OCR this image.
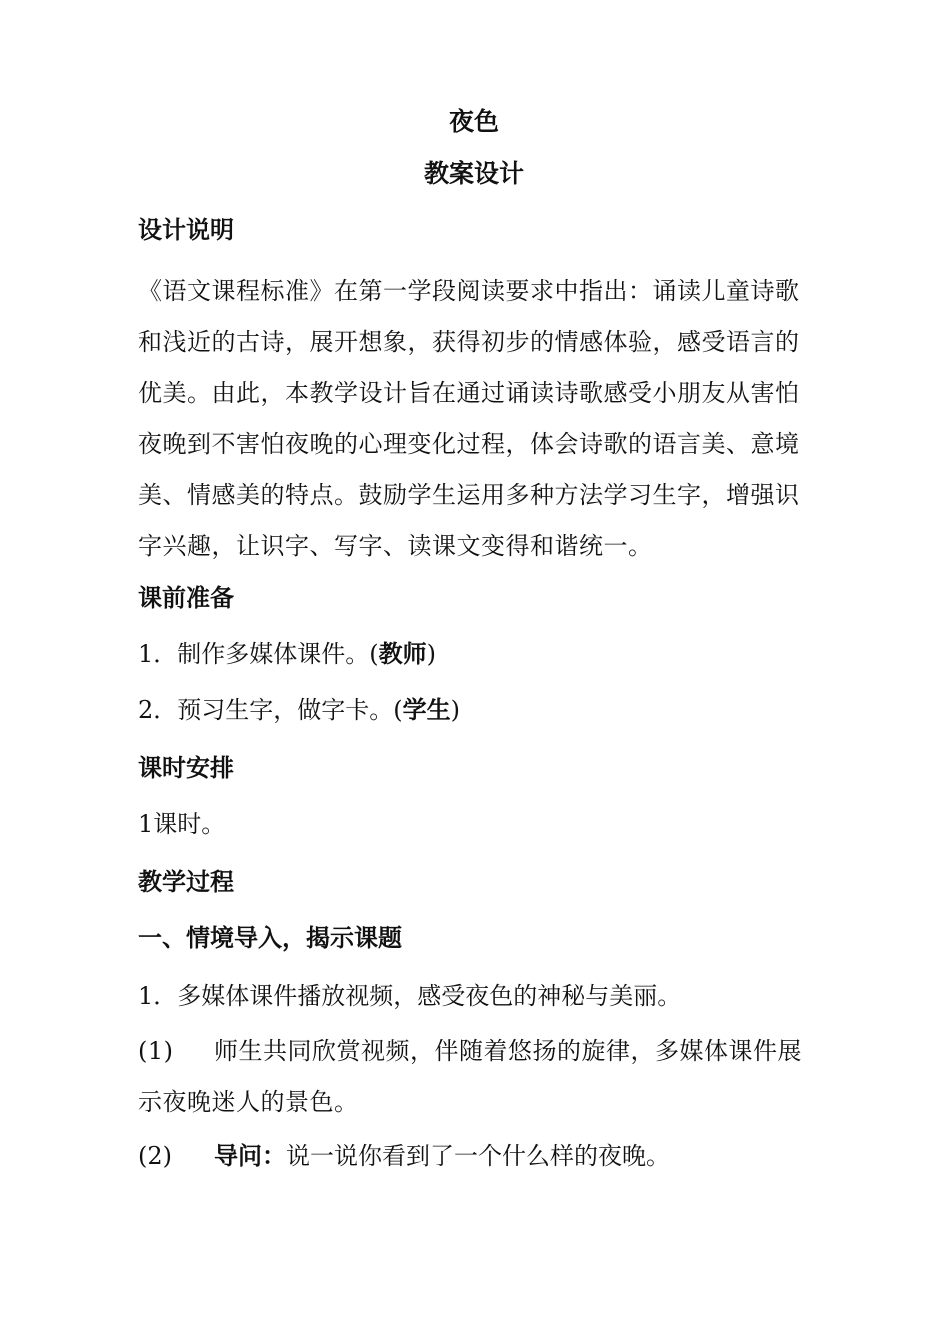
夜色
教案设计
设计说明
《语文课程标准》在第一学段阅读要求中指出：诵读儿童诗歌和浅近的古诗，展开想象，获得初步的情感体验，感受语言的优美。由此，本教学设计旨在通过诵读诗歌感受小朋友从害怕夜晚到不害怕夜晚的心理变化过程，体会诗歌的语言美、意境美、情感美的特点。鼓励学生运用多种方法学习生字，增强识字兴趣，让识字、写字、读课文变得和谐统一。
课前准备
1．制作多媒体课件。(教师)
2．预习生字，做字卡。(学生)
课时安排
1课时。
教学过程
一、情境导入，揭示课题
1．多媒体课件播放视频，感受夜色的神秘与美丽。
(1) 师生共同欣赏视频，伴随着悠扬的旋律，多媒体课件展示夜晚迷人的景色。
(2) 导问：说一说你看到了一个什么样的夜晚。
